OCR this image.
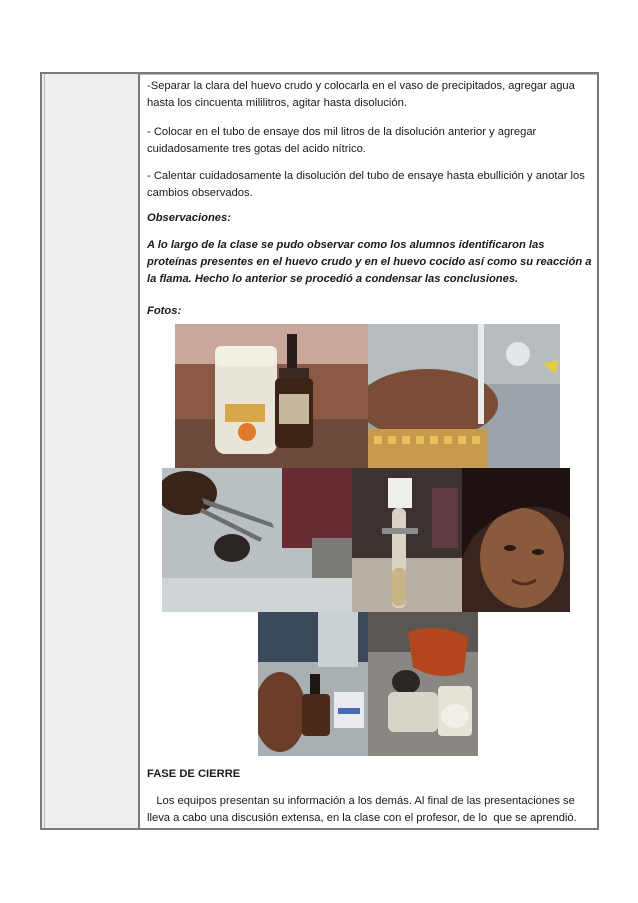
-Separar la clara del huevo crudo y colocarla en el vaso de precipitados, agregar agua hasta los cincuenta mililitros, agitar hasta disolución.
- Colocar en el tubo de ensaye dos mil litros de la disolución anterior y agregar cuidadosamente tres gotas del acido nítrico.
- Calentar cuidadosamente la disolución del tubo de ensaye hasta ebullición y anotar los cambios observados.
Observaciones:
A lo largo de la clase se pudo observar como los alumnos identificaron las proteínas presentes en el huevo crudo y en el huevo cocido así como su reacción a la flama. Hecho lo anterior se procedió a condensar las conclusiones.
Fotos:
FASE DE CIERRE
Los equipos presentan su información a los demás. Al final de las presentaciones se lleva a cabo una discusión extensa, en la clase con el profesor, de lo  que se aprendió.
